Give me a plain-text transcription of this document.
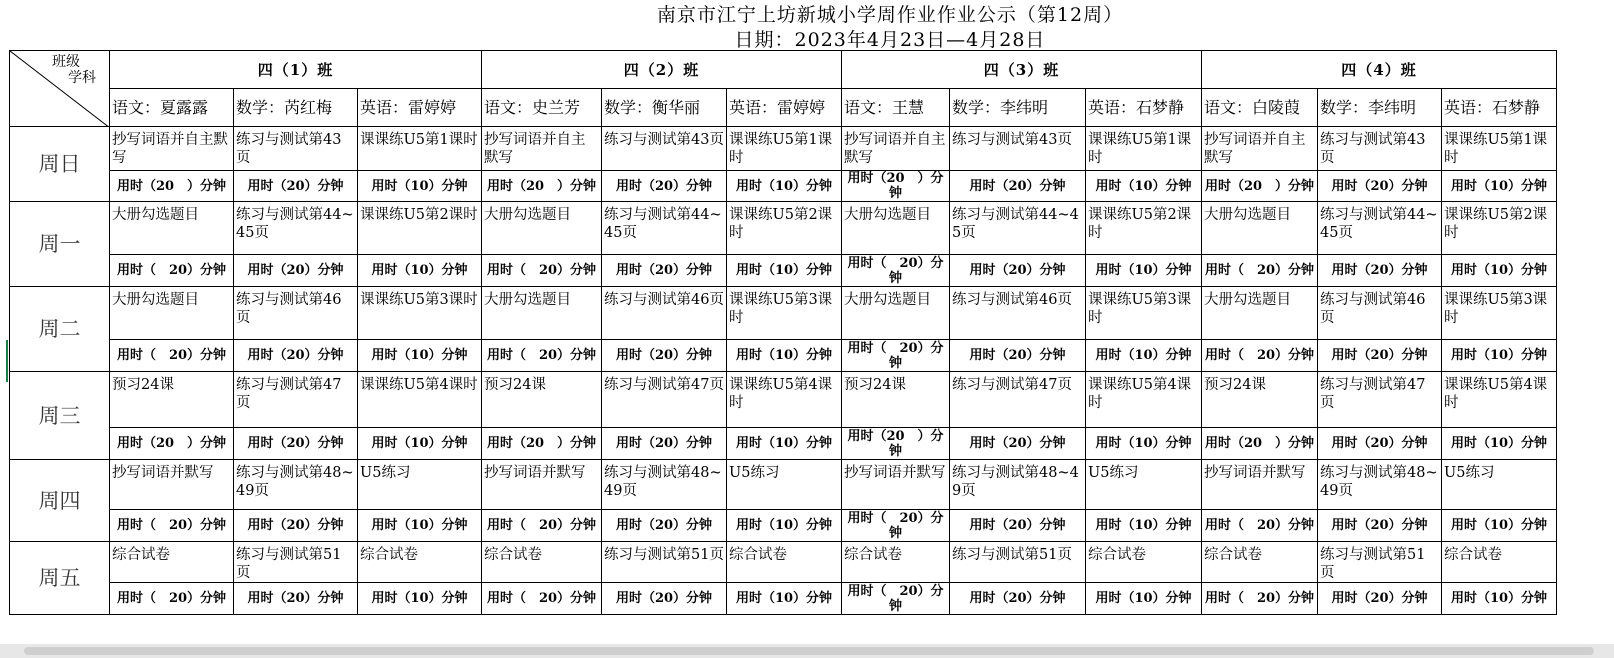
南京市江宁上坊新城小学周作业作业公示（第12周）
日期：2023年4月23日—4月28日
班级
学科	四（1）班			四（2）班			四（3）班			四（4）班		
	语文：夏露露	数学：芮红梅	英语：雷婷婷	语文：史兰芳	数学：衡华丽	英语：雷婷婷	语文：王慧	数学：李纬明	英语：石梦静	语文：白陵葭	数学：李纬明	英语：石梦静
周日	抄写词语并自主默写	练习与测试第43页	课课练U5第1课时	抄写词语并自主默写	练习与测试第43页	课课练U5第1课时	抄写词语并自主默写	练习与测试第43页	课课练U5第1课时	抄写词语并自主默写	练习与测试第43页	课课练U5第1课时
	用时（20　）分钟	用时（20）分钟	用时（10）分钟	用时（20　）分钟	用时（20）分钟	用时（10）分钟	用时（20　）分钟	用时（20）分钟	用时（10）分钟	用时（20　）分钟	用时（20）分钟	用时（10）分钟
周一	大册勾选题目	练习与测试第44~45页	课课练U5第2课时	大册勾选题目	练习与测试第44~45页	课课练U5第2课时	大册勾选题目	练习与测试第44~45页	课课练U5第2课时	大册勾选题目	练习与测试第44~45页	课课练U5第2课时
	用时（　20）分钟	用时（20）分钟	用时（10）分钟	用时（　20）分钟	用时（20）分钟	用时（10）分钟	用时（　20）分钟	用时（20）分钟	用时（10）分钟	用时（　20）分钟	用时（20）分钟	用时（10）分钟
周二	大册勾选题目	练习与测试第46页	课课练U5第3课时	大册勾选题目	练习与测试第46页	课课练U5第3课时	大册勾选题目	练习与测试第46页	课课练U5第3课时	大册勾选题目	练习与测试第46页	课课练U5第3课时
	用时（　20）分钟	用时（20）分钟	用时（10）分钟	用时（　20）分钟	用时（20）分钟	用时（10）分钟	用时（　20）分钟	用时（20）分钟	用时（10）分钟	用时（　20）分钟	用时（20）分钟	用时（10）分钟
周三	预习24课	练习与测试第47页	课课练U5第4课时	预习24课	练习与测试第47页	课课练U5第4课时	预习24课	练习与测试第47页	课课练U5第4课时	预习24课	练习与测试第47页	课课练U5第4课时
	用时（20　）分钟	用时（20）分钟	用时（10）分钟	用时（20　）分钟	用时（20）分钟	用时（10）分钟	用时（20　）分钟	用时（20）分钟	用时（10）分钟	用时（20　）分钟	用时（20）分钟	用时（10）分钟
周四	抄写词语并默写	练习与测试第48~49页	U5练习	抄写词语并默写	练习与测试第48~49页	U5练习	抄写词语并默写	练习与测试第48~49页	U5练习	抄写词语并默写	练习与测试第48~49页	U5练习
	用时（　20）分钟	用时（20）分钟	用时（10）分钟	用时（　20）分钟	用时（20）分钟	用时（10）分钟	用时（　20）分钟	用时（20）分钟	用时（10）分钟	用时（　20）分钟	用时（20）分钟	用时（10）分钟
周五	综合试卷	练习与测试第51页	综合试卷	综合试卷	练习与测试第51页	综合试卷	综合试卷	练习与测试第51页	综合试卷	综合试卷	练习与测试第51页	综合试卷
	用时（　20）分钟	用时（20）分钟	用时（10）分钟	用时（　20）分钟	用时（20）分钟	用时（10）分钟	用时（　20）分钟	用时（20）分钟	用时（10）分钟	用时（　20）分钟	用时（20）分钟	用时（10）分钟
